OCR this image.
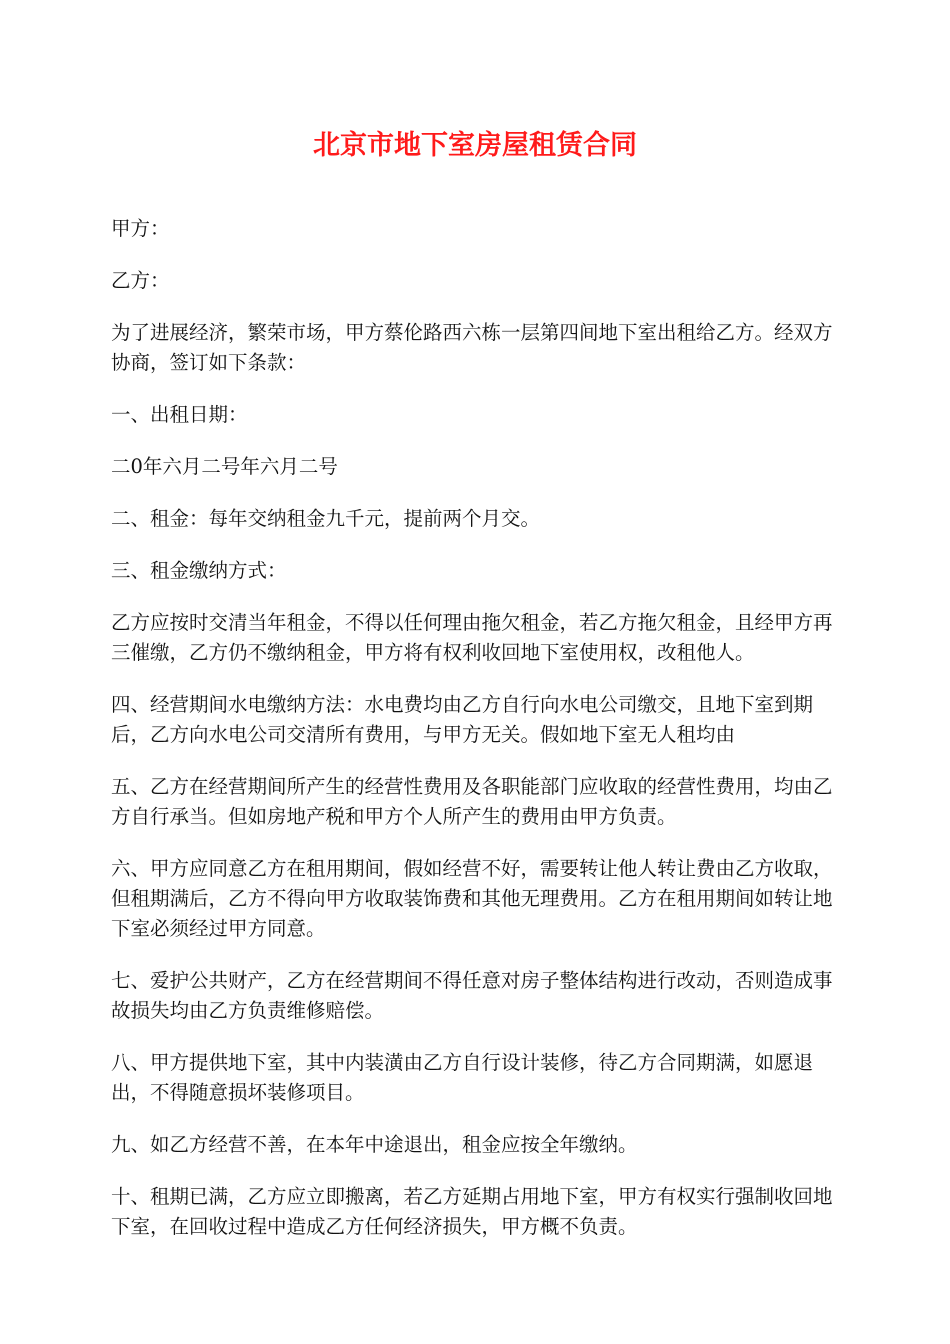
北京市地下室房屋租赁合同

甲方：

乙方：

为了进展经济，繁荣市场，甲方蔡伦路西六栋一层第四间地下室出租给乙方。经双方协商，签订如下条款：

一、出租日期：

二0年六月二号年六月二号

二、租金：每年交纳租金九千元，提前两个月交。

三、租金缴纳方式：

乙方应按时交清当年租金，不得以任何理由拖欠租金，若乙方拖欠租金，且经甲方再三催缴，乙方仍不缴纳租金，甲方将有权利收回地下室使用权，改租他人。

四、经营期间水电缴纳方法：水电费均由乙方自行向水电公司缴交，且地下室到期后，乙方向水电公司交清所有费用，与甲方无关。假如地下室无人租均由

五、乙方在经营期间所产生的经营性费用及各职能部门应收取的经营性费用，均由乙方自行承当。但如房地产税和甲方个人所产生的费用由甲方负责。

六、甲方应同意乙方在租用期间，假如经营不好，需要转让他人转让费由乙方收取，但租期满后，乙方不得向甲方收取装饰费和其他无理费用。乙方在租用期间如转让地下室必须经过甲方同意。

七、爱护公共财产，乙方在经营期间不得任意对房子整体结构进行改动，否则造成事故损失均由乙方负责维修赔偿。

八、甲方提供地下室，其中内装潢由乙方自行设计装修，待乙方合同期满，如愿退出，不得随意损坏装修项目。

九、如乙方经营不善，在本年中途退出，租金应按全年缴纳。

十、租期已满，乙方应立即搬离，若乙方延期占用地下室，甲方有权实行强制收回地下室，在回收过程中造成乙方任何经济损失，甲方概不负责。
